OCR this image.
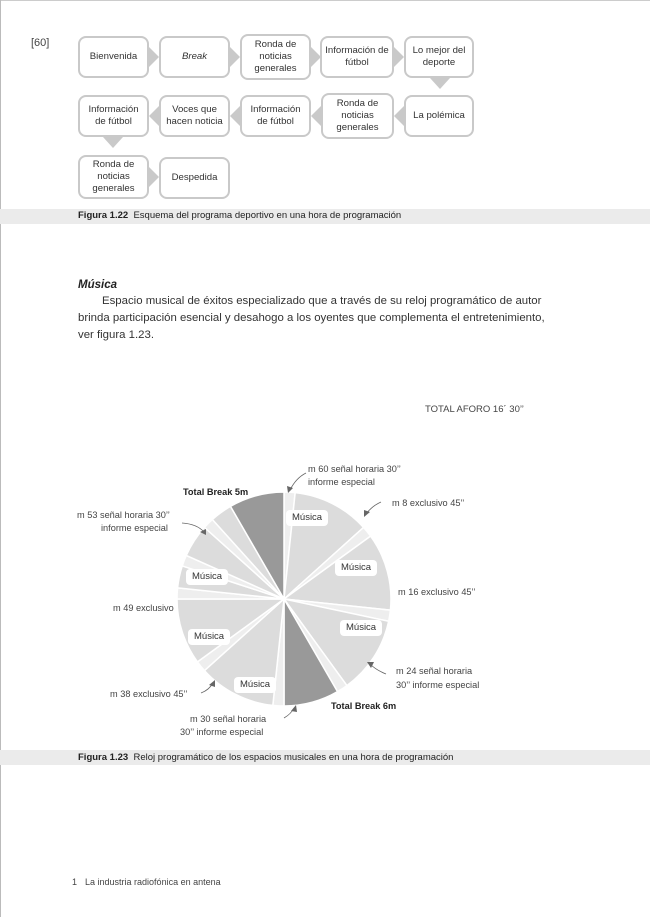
[60]
Bienvenida	Break
Ronda de noticias generales
Información de fútbol
Lo mejor del deporte
Información de fútbol
Voces que hacen noticia
Información de fútbol
Ronda de noticias generales
La polémica
Ronda de noticias generales
Despedida
Figura 1.22 Esquema del programa deportivo en una hora de programación
Música
Espacio musical de éxitos especializado que a través de su reloj programático de autor brinda participación esencial y desahogo a los oyentes que complementa el entretenimiento, ver figura 1.23.
TOTAL AFORO 16´ 30’’
m 60 señal horaria 30’’
informe especial
m 8 exclusivo 45’’
m 16 exclusivo 45’’
m 24 señal horaria
30’’ informe especial
Total Break 6m
m 30 señal horaria
30’’ informe especial
m 38 exclusivo 45’’
m 49 exclusivo
m 53 señal horaria 30’’
informe especial
Total Break 5m
Música
Música
Música
Música
Música
Música
Figura 1.23 Reloj programático de los espacios musicales en una hora de programación
1 La industria radiofónica en antena
